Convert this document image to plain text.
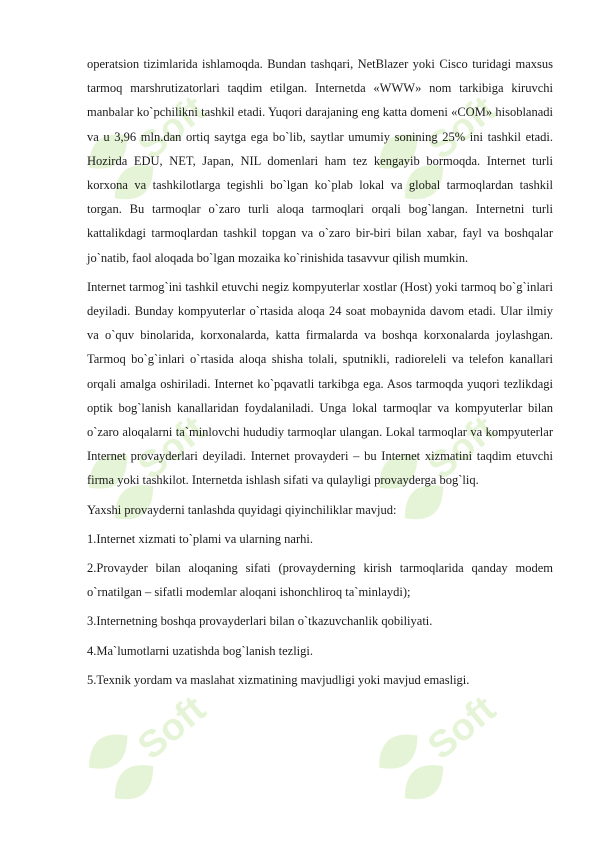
Soft	Soft
Soft	Soft
Soft	Soft

operatsion tizimlarida ishlamoqda. Bundan tashqari, NetBlazer yoki Cisco turidagi maxsus tarmoq marshrutizatorlari taqdim etilgan. Internetda «WWW» nom tarkibiga kiruvchi manbalar ko`pchilikni tashkil etadi. Yuqori darajaning eng katta domeni «COM» hisoblanadi va u 3,96 mln.dan ortiq saytga ega bo`lib, saytlar umumiy sonining 25% ini tashkil etadi. Hozirda EDU, NET, Japan, NIL domenlari ham tez kengayib bormoqda. Internet turli korxona va tashkilotlarga tegishli bo`lgan ko`plab lokal va global tarmoqlardan tashkil torgan. Bu tarmoqlar o`zaro turli aloqa tarmoqlari orqali bog`langan. Internetni turli kattalikdagi tarmoqlardan tashkil topgan va o`zaro bir-biri bilan xabar, fayl va boshqalar jo`natib, faol aloqada bo`lgan mozaika ko`rinishida tasavvur qilish mumkin.

Internet tarmog`ini tashkil etuvchi negiz kompyuterlar xostlar (Host) yoki tarmoq bo`g`inlari deyiladi. Bunday kompyuterlar o`rtasida aloqa 24 soat mobaynida davom etadi. Ular ilmiy va o`quv binolarida, korxonalarda, katta firmalarda va boshqa korxonalarda joylashgan. Tarmoq bo`g`inlari o`rtasida aloqa shisha tolali, sputnikli, radioreleli va telefon kanallari orqali amalga oshiriladi. Internet ko`pqavatli tarkibga ega. Asos tarmoqda yuqori tezlikdagi optik bog`lanish kanallaridan foydalaniladi. Unga lokal tarmoqlar va kompyuterlar bilan o`zaro aloqalarni ta`minlovchi hududiy tarmoqlar ulangan. Lokal tarmoqlar va kompyuterlar Internet provayderlari deyiladi. Internet provayderi – bu Internet xizmatini taqdim etuvchi firma yoki tashkilot. Internetda ishlash sifati va qulayligi provayderga bog`liq.

Yaxshi provayderni tanlashda quyidagi qiyinchiliklar mavjud:

1.Internet xizmati to`plami va ularning narhi.

2.Provayder bilan aloqaning sifati (provayderning kirish tarmoqlarida qanday modem o`rnatilgan – sifatli modemlar aloqani ishonchliroq ta`minlaydi);

3.Internetning boshqa provayderlari bilan o`tkazuvchanlik qobiliyati.

4.Ma`lumotlarni uzatishda bog`lanish tezligi.

5.Texnik yordam va maslahat xizmatining mavjudligi yoki mavjud emasligi.
